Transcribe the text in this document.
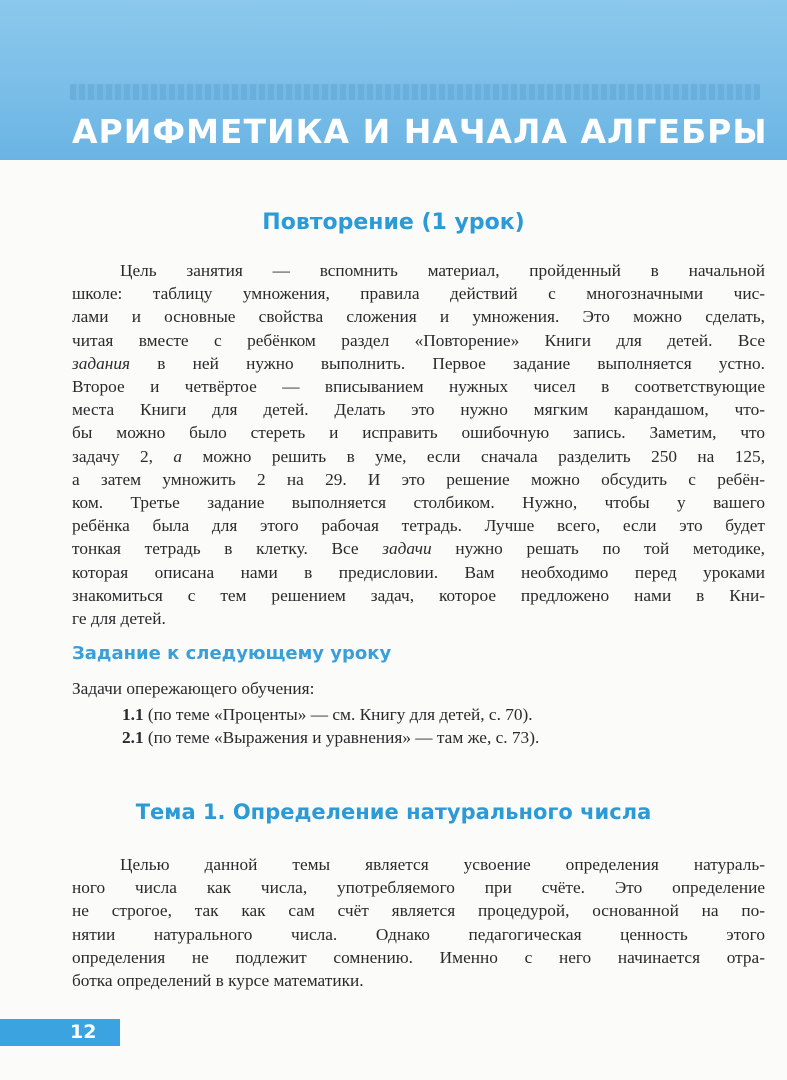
АРИФМЕТИКА И НАЧАЛА АЛГЕБРЫ
Повторение (1 урок)
Цель занятия — вспомнить материал, пройденный в начальной
школе: таблицу умножения, правила действий с многозначными чис-
лами и основные свойства сложения и умножения. Это можно сделать,
читая вместе с ребёнком раздел «Повторение» Книги для детей. Все
задания в ней нужно выполнить. Первое задание выполняется устно.
Второе и четвёртое — вписыванием нужных чисел в соответствующие
места Книги для детей. Делать это нужно мягким карандашом, что-
бы можно было стереть и исправить ошибочную запись. Заметим, что
задачу 2, а можно решить в уме, если сначала разделить 250 на 125,
а затем умножить 2 на 29. И это решение можно обсудить с ребён-
ком. Третье задание выполняется столбиком. Нужно, чтобы у вашего
ребёнка была для этого рабочая тетрадь. Лучше всего, если это будет
тонкая тетрадь в клетку. Все задачи нужно решать по той методике,
которая описана нами в предисловии. Вам необходимо перед уроками
знакомиться с тем решением задач, которое предложено нами в Кни-
ге для детей.
Задание к следующему уроку

Задачи опережающего обучения:

1.1 (по теме «Проценты» — см. Книгу для детей, с. 70).

2.1 (по теме «Выражения и уравнения» — там же, с. 73).

Тема 1. Определение натурального числа
Целью данной темы является усвоение определения натураль-
ного числа как числа, употребляемого при счёте. Это определение
не строгое, так как сам счёт является процедурой, основанной на по-
нятии натурального числа. Однако педагогическая ценность этого
определения не подлежит сомнению. Именно с него начинается отра-
ботка определений в курсе математики.
12
